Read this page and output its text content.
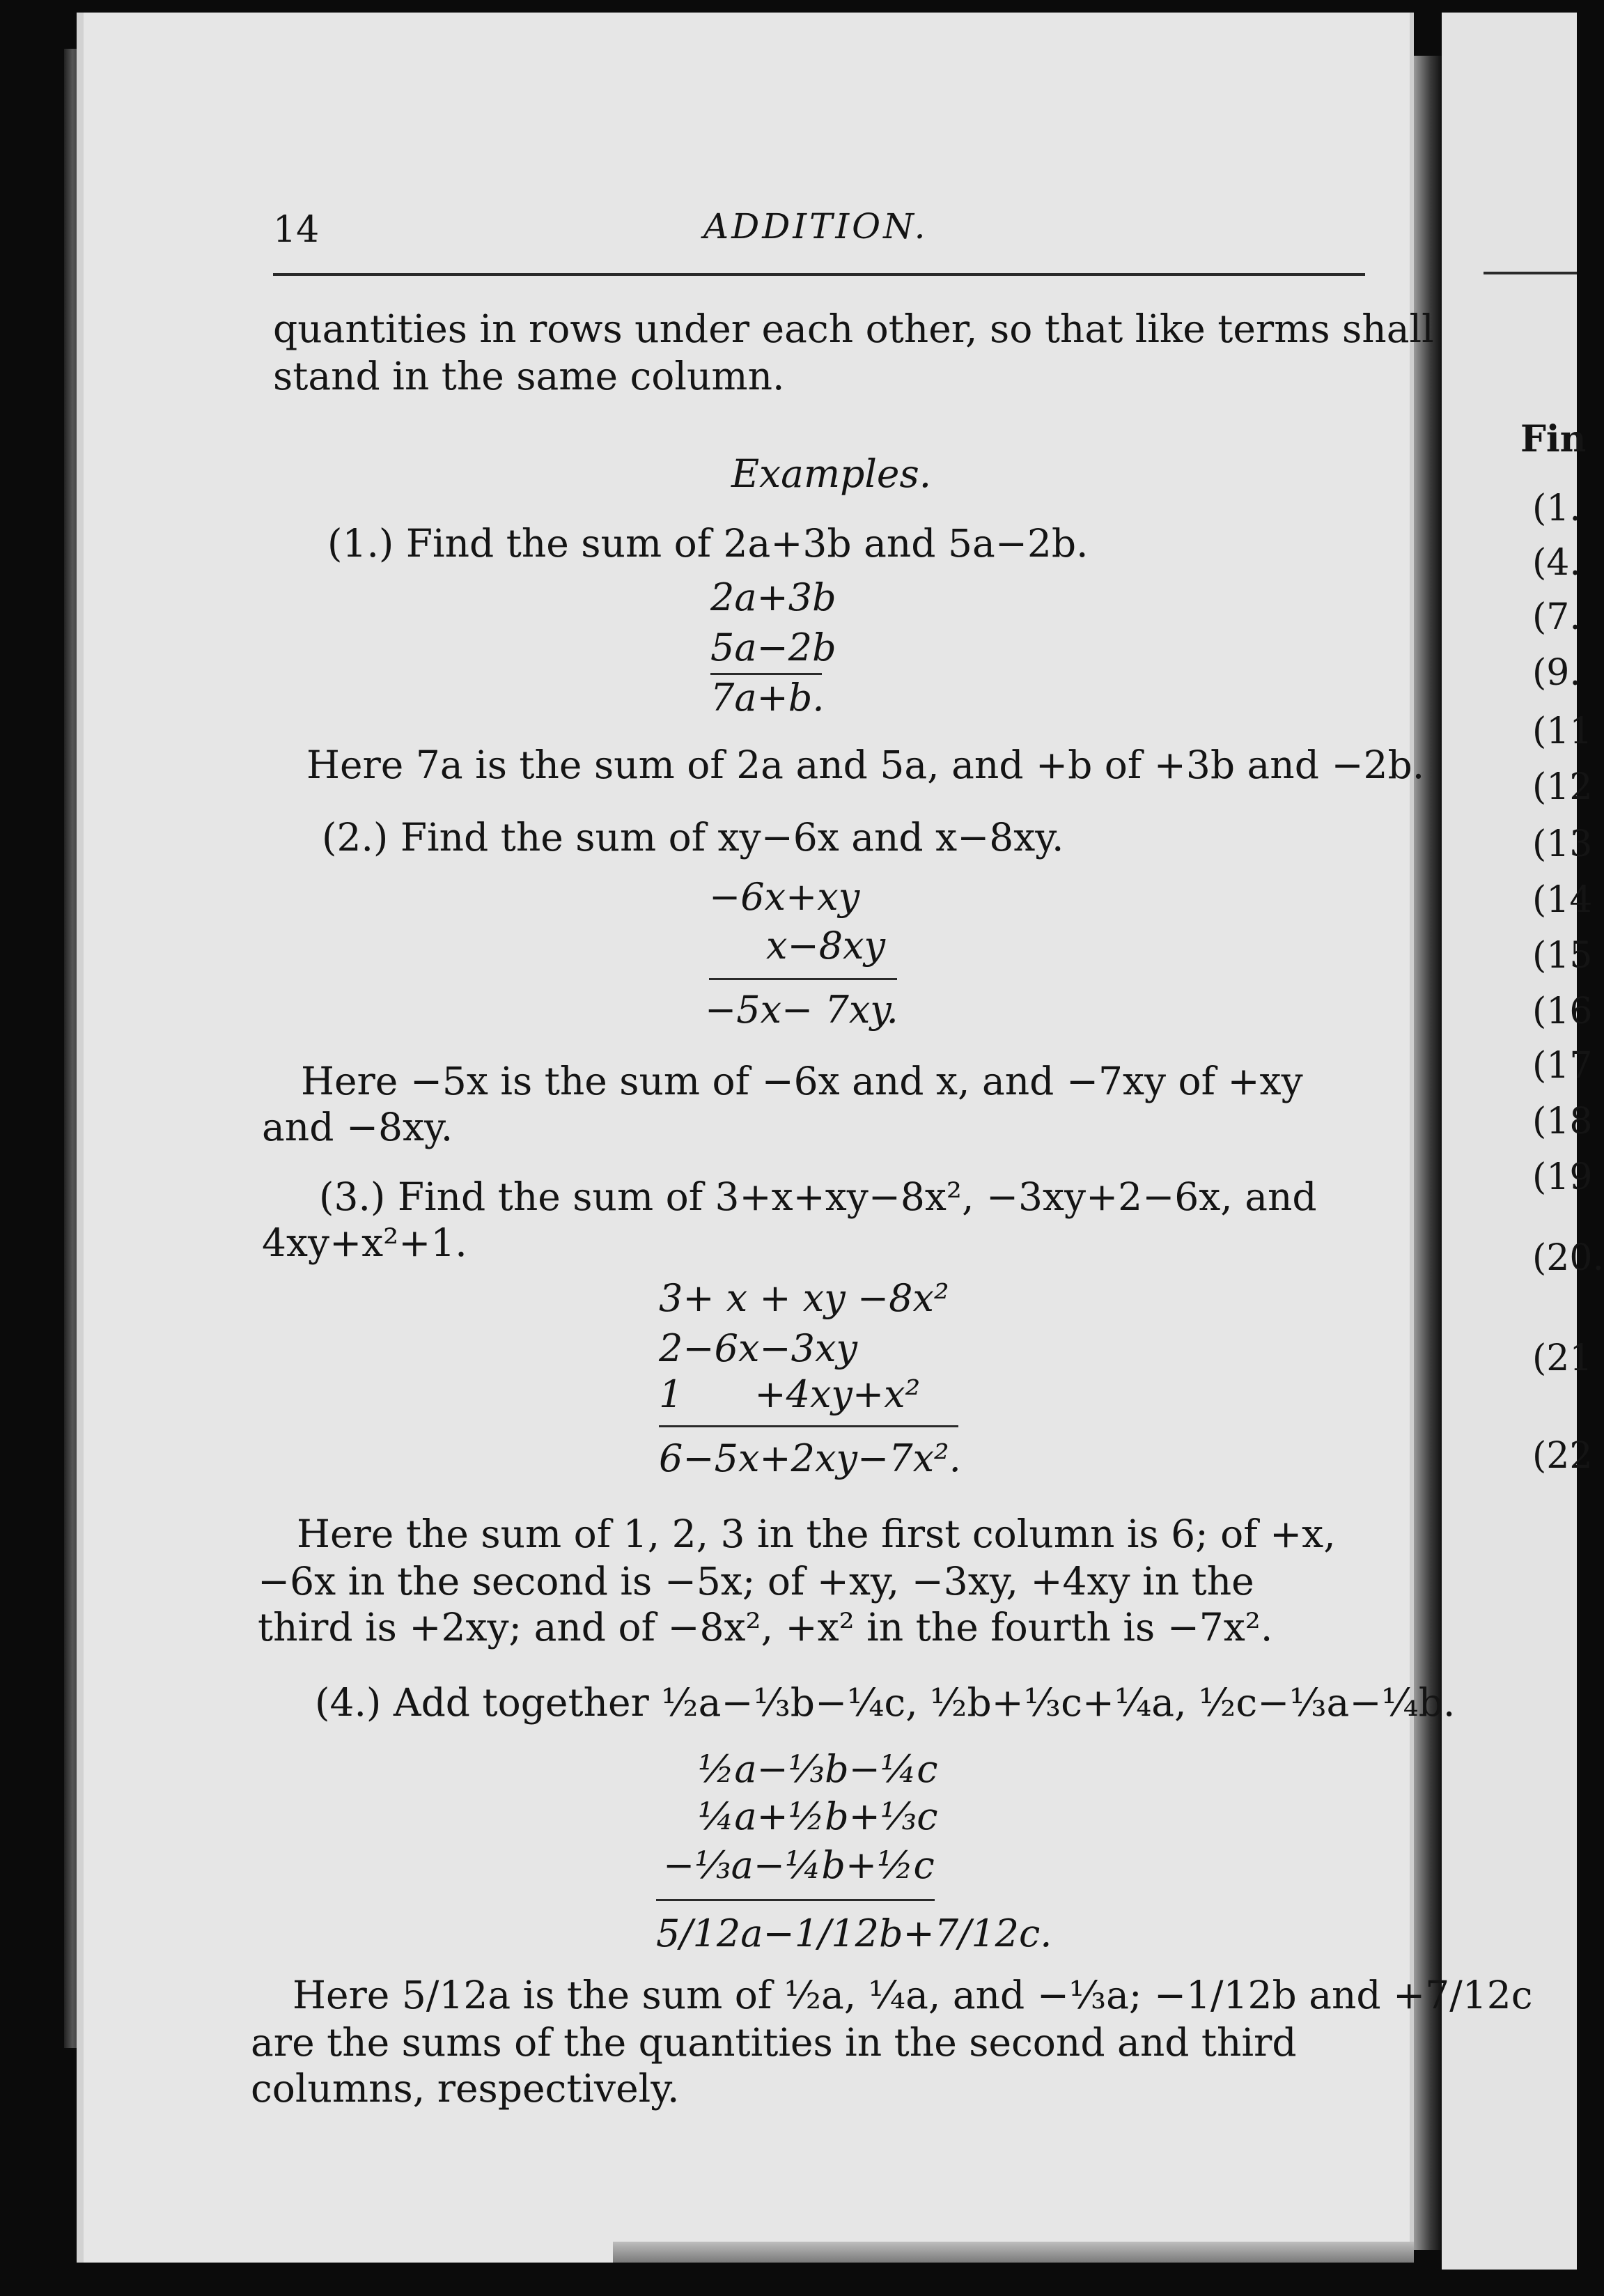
14	ADDITION.
quantities in rows under each other, so that like terms shall
stand in the same column.
Examples.
(1.) Find the sum of 2a+3b and 5a−2b.
2a+3b
5a−2b
7a+b.
Here 7a is the sum of 2a and 5a, and +b of +3b and −2b.
(2.) Find the sum of xy−6x and x−8xy.
−6x+xy
x−8xy
−5x− 7xy.
Here −5x is the sum of −6x and x, and −7xy of +xy
and −8xy.
(3.) Find the sum of 3+x+xy−8x², −3xy+2−6x, and
4xy+x²+1.
3+ x + xy −8x²
2−6x−3xy
1      +4xy+x²
6−5x+2xy−7x².
Here the sum of 1, 2, 3 in the first column is 6; of +x,
−6x in the second is −5x; of +xy, −3xy, +4xy in the
third is +2xy; and of −8x², +x² in the fourth is −7x².
(4.) Add together ½a−⅓b−¼c, ½b+⅓c+¼a, ½c−⅓a−¼b.
½a−⅓b−¼c
¼a+½b+⅓c
−⅓a−¼b+½c
5/12a−1/12b+7/12c.
Here 5/12a is the sum of ½a, ¼a, and −⅓a; −1/12b and +7/12c
are the sums of the quantities in the second and third
columns, respectively.
Fin
(1.
(4.
(7.
(9.
(11
(12
(13
(14
(15
(16
(17
(18
(19
(20.
(21
(22
